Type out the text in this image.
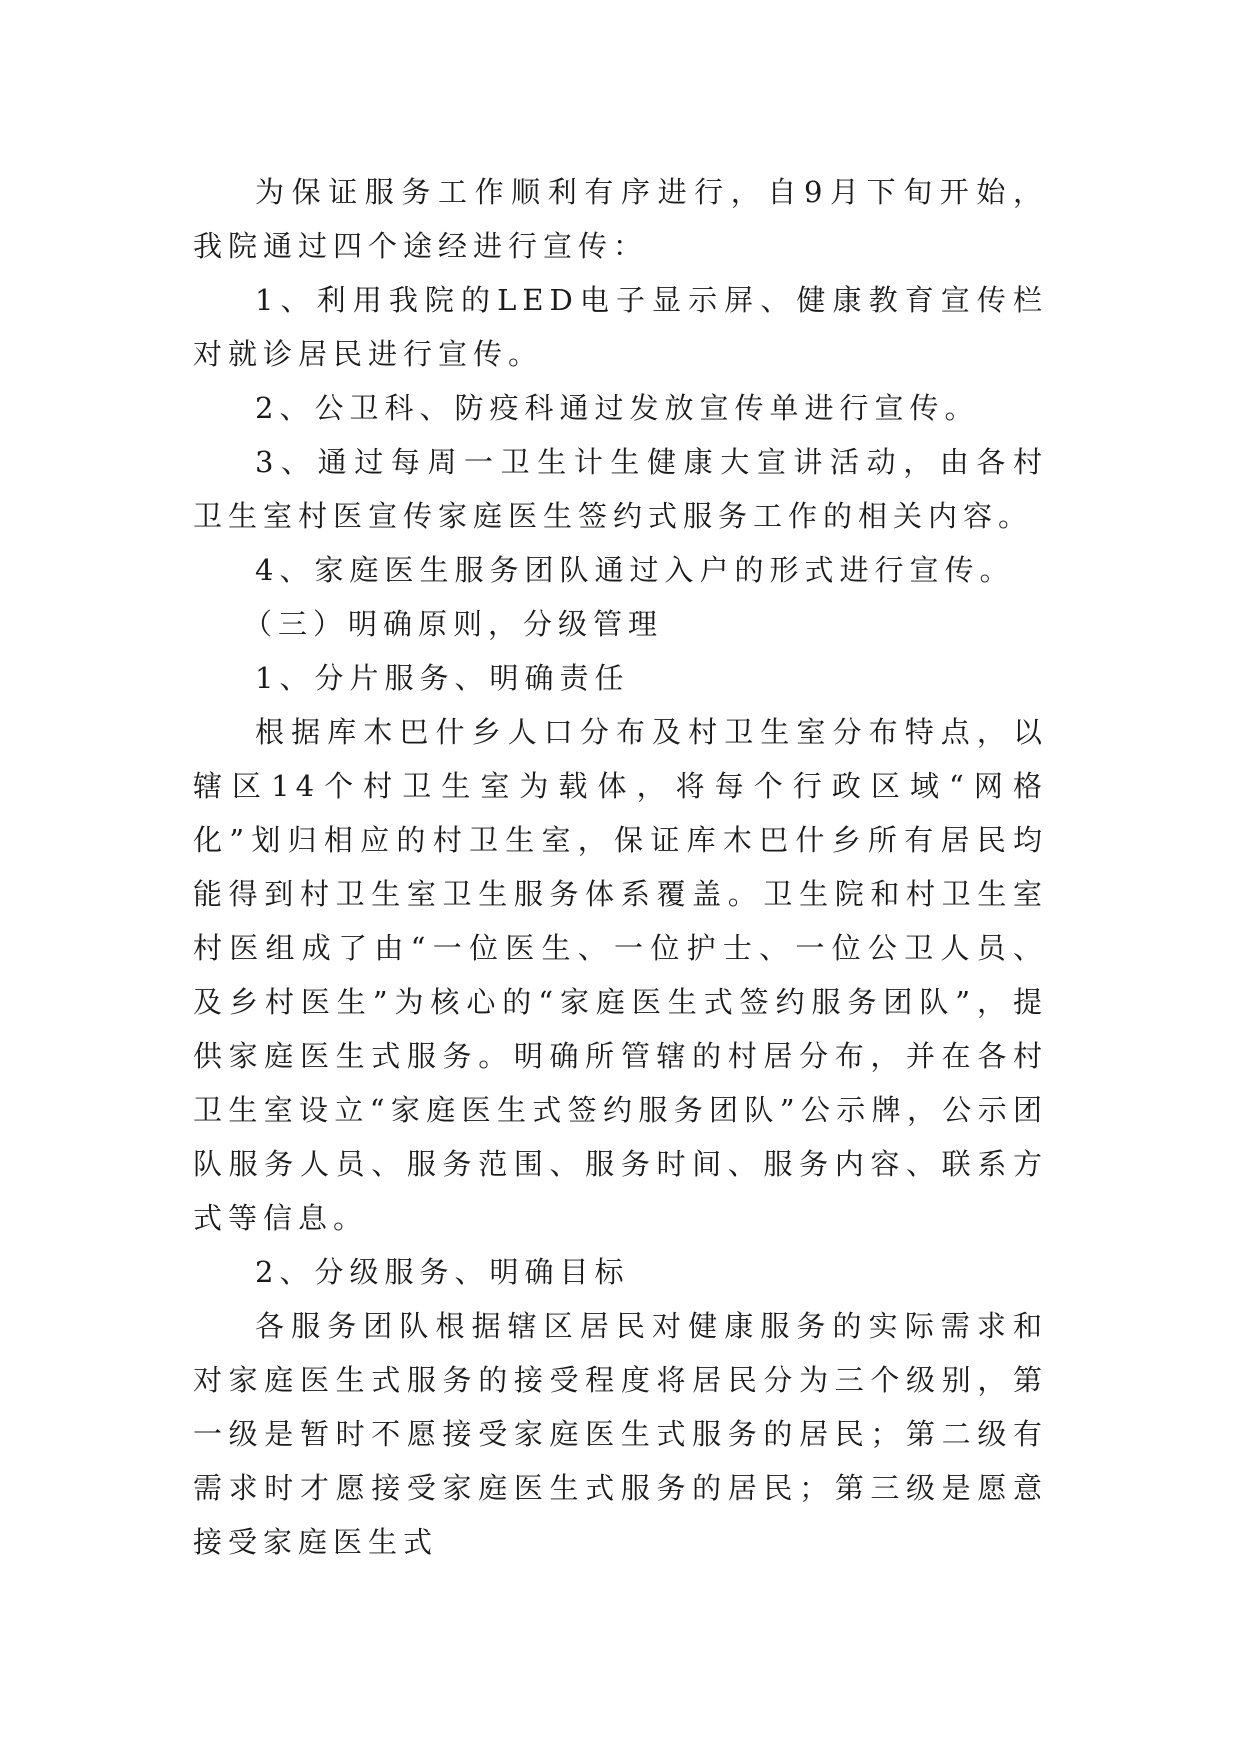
为保证服务工作顺利有序进行，自9月下旬开始，我院通过四个途经进行宣传：

1、利用我院的LED电子显示屏、健康教育宣传栏对就诊居民进行宣传。

2、公卫科、防疫科通过发放宣传单进行宣传。

3、通过每周一卫生计生健康大宣讲活动，由各村卫生室村医宣传家庭医生签约式服务工作的相关内容。

4、家庭医生服务团队通过入户的形式进行宣传。

（三）明确原则，分级管理

1、分片服务、明确责任

根据库木巴什乡人口分布及村卫生室分布特点，以辖区14个村卫生室为载体，将每个行政区域“网格化”划归相应的村卫生室，保证库木巴什乡所有居民均能得到村卫生室卫生服务体系覆盖。卫生院和村卫生室村医组成了由“一位医生、一位护士、一位公卫人员、及乡村医生”为核心的“家庭医生式签约服务团队”，提供家庭医生式服务。明确所管辖的村居分布，并在各村卫生室设立“家庭医生式签约服务团队”公示牌，公示团队服务人员、服务范围、服务时间、服务内容、联系方式等信息。

2、分级服务、明确目标

各服务团队根据辖区居民对健康服务的实际需求和对家庭医生式服务的接受程度将居民分为三个级别，第一级是暂时不愿接受家庭医生式服务的居民；第二级有需求时才愿接受家庭医生式服务的居民；第三级是愿意接受家庭医生式
